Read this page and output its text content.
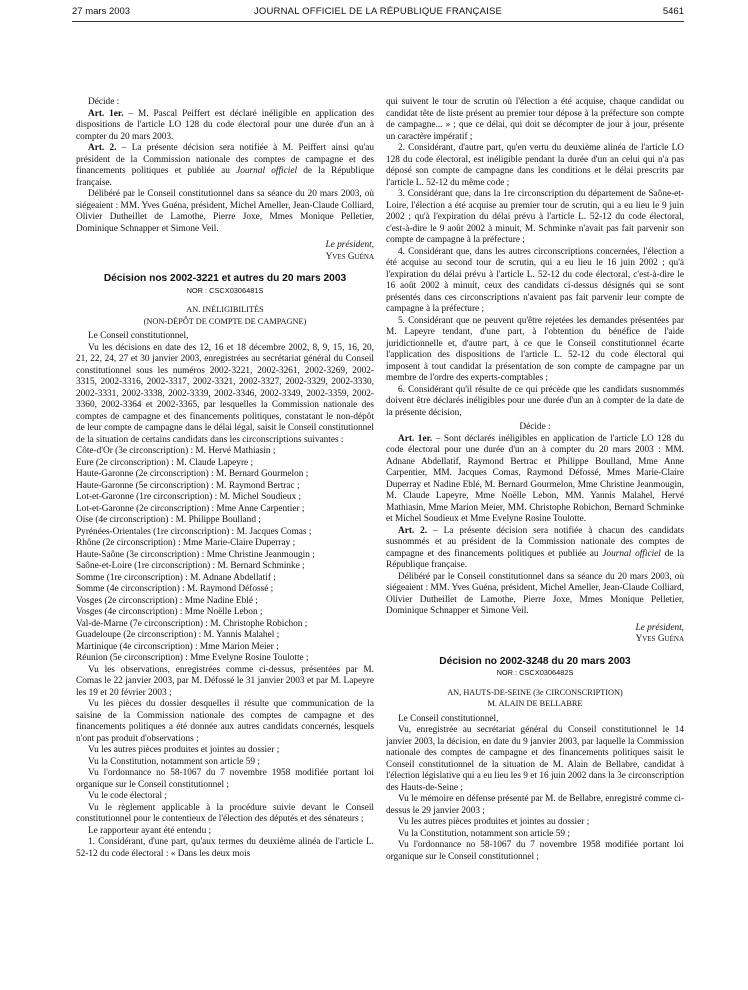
27 mars 2003	JOURNAL OFFICIEL DE LA RÉPUBLIQUE FRANÇAISE	5461

Décide :

Art. 1er. – M. Pascal Peiffert est déclaré inéligible en application des dispositions de l'article LO 128 du code électoral pour une durée d'un an à compter du 20 mars 2003.

Art. 2. – La présente décision sera notifiée à M. Peiffert ainsi qu'au président de la Commission nationale des comptes de campagne et des financements politiques et publiée au Journal officiel de la République française.

Délibéré par le Conseil constitutionnel dans sa séance du 20 mars 2003, où siégeaient : MM. Yves Guéna, président, Michel Ameller, Jean-Claude Colliard, Olivier Dutheillet de Lamothe, Pierre Joxe, Mmes Monique Pelletier, Dominique Schnapper et Simone Veil.

Le président,

Yves Guéna

Décision nos 2002-3221 et autres du 20 mars 2003

NOR : CSCX0306481S

AN. INÉLIGIBILITÉS

(NON-DÉPÔT DE COMPTE DE CAMPAGNE)

Le Conseil constitutionnel,

Vu les décisions en date des 12, 16 et 18 décembre 2002, 8, 9, 15, 16, 20, 21, 22, 24, 27 et 30 janvier 2003, enregistrées au secrétariat général du Conseil constitutionnel sous les numéros 2002-3221, 2002-3261, 2002-3269, 2002-3315, 2002-3316, 2002-3317, 2002-3321, 2002-3327, 2002-3329, 2002-3330, 2002-3331, 2002-3338, 2002-3339, 2002-3346, 2002-3349, 2002-3359, 2002-3360, 2002-3364 et 2002-3365, par lesquelles la Commission nationale des comptes de campagne et des financements politiques, constatant le non-dépôt de leur compte de campagne dans le délai légal, saisit le Conseil constitutionnel de la situation de certains candidats dans les circonscriptions suivantes :

Côte-d'Or (3e circonscription) : M. Hervé Mathiasin ;

Eure (2e circonscription) : M. Claude Lapeyre ;

Haute-Garonne (2e circonscription) : M. Bernard Gourmelon ;

Haute-Garonne (5e circonscription) : M. Raymond Bertrac ;

Lot-et-Garonne (1re circonscription) : M. Michel Soudieux ;

Lot-et-Garonne (2e circonscription) : Mme Anne Carpentier ;

Oise (4e circonscription) : M. Philippe Boulland ;

Pyrénées-Orientales (1re circonscription) : M. Jacques Comas ;

Rhône (2e circonscription) : Mme Marie-Claire Duperray ;

Haute-Saône (3e circonscription) : Mme Christine Jeanmougin ;

Saône-et-Loire (1re circonscription) : M. Bernard Schminke ;

Somme (1re circonscription) : M. Adnane Abdellatif ;

Somme (4e circonscription) : M. Raymond Défossé ;

Vosges (2e circonscription) : Mme Nadine Eblé ;

Vosges (4e circonscription) : Mme Noëlle Lebon ;

Val-de-Marne (7e circonscription) : M. Christophe Robichon ;

Guadeloupe (2e circonscription) : M. Yannis Malahel ;

Martinique (4e circonscription) : Mme Marion Meier ;

Réunion (5e circonscription) : Mme Evelyne Rosine Toulotte ;

Vu les observations, enregistrées comme ci-dessus, présentées par M. Comas le 22 janvier 2003, par M. Défossé le 31 janvier 2003 et par M. Lapeyre les 19 et 20 février 2003 ;

Vu les pièces du dossier desquelles il résulte que communication de la saisine de la Commission nationale des comptes de campagne et des financements politiques a été donnée aux autres candidats concernés, lesquels n'ont pas produit d'observations ;

Vu les autres pièces produites et jointes au dossier ;

Vu la Constitution, notamment son article 59 ;

Vu l'ordonnance no 58-1067 du 7 novembre 1958 modifiée portant loi organique sur le Conseil constitutionnel ;

Vu le code électoral ;

Vu le règlement applicable à la procédure suivie devant le Conseil constitutionnel pour le contentieux de l'élection des députés et des sénateurs ;

Le rapporteur ayant été entendu ;

1. Considérant, d'une part, qu'aux termes du deuxième alinéa de l'article L. 52-12 du code électoral : « Dans les deux mois

qui suivent le tour de scrutin où l'élection a été acquise, chaque candidat ou candidat tête de liste présent au premier tour dépose à la préfecture son compte de campagne... » ; que ce délai, qui doit se décompter de jour à jour, présente un caractère impératif ;

2. Considérant, d'autre part, qu'en vertu du deuxième alinéa de l'article LO 128 du code électoral, est inéligible pendant la durée d'un an celui qui n'a pas déposé son compte de campagne dans les conditions et le délai prescrits par l'article L. 52-12 du même code ;

3. Considérant que, dans la 1re circonscription du département de Saône-et-Loire, l'élection a été acquise au premier tour de scrutin, qui a eu lieu le 9 juin 2002 ; qu'à l'expiration du délai prévu à l'article L. 52-12 du code électoral, c'est-à-dire le 9 août 2002 à minuit, M. Schminke n'avait pas fait parvenir son compte de campagne à la préfecture ;

4. Considérant que, dans les autres circonscriptions concernées, l'élection a été acquise au second tour de scrutin, qui a eu lieu le 16 juin 2002 ; qu'à l'expiration du délai prévu à l'article L. 52-12 du code électoral, c'est-à-dire le 16 août 2002 à minuit, ceux des candidats ci-dessus désignés qui se sont présentés dans ces circonscriptions n'avaient pas fait parvenir leur compte de campagne à la préfecture ;

5. Considérant que ne peuvent qu'être rejetées les demandes présentées par M. Lapeyre tendant, d'une part, à l'obtention du bénéfice de l'aide juridictionnelle et, d'autre part, à ce que le Conseil constitutionnel écarte l'application des dispositions de l'article L. 52-12 du code électoral qui imposent à tout candidat la présentation de son compte de campagne par un membre de l'ordre des experts-comptables ;

6. Considérant qu'il résulte de ce qui précède que les candidats susnommés doivent être déclarés inéligibles pour une durée d'un an à compter de la date de la présente décision,

Décide :

Art. 1er. – Sont déclarés inéligibles en application de l'article LO 128 du code électoral pour une durée d'un an à compter du 20 mars 2003 : MM. Adnane Abdellatif, Raymond Bertrac et Philippe Boulland, Mme Anne Carpentier, MM. Jacques Comas, Raymond Défossé, Mmes Marie-Claire Duperray et Nadine Eblé, M. Bernard Gourmelon, Mme Christine Jeanmougin, M. Claude Lapeyre, Mme Noëlle Lebon, MM. Yannis Malahel, Hervé Mathiasin, Mme Marion Meier, MM. Christophe Robichon, Bernard Schminke et Michel Soudieux et Mme Evelyne Rosine Toulotte.

Art. 2. – La présente décision sera notifiée à chacun des candidats susnommés et au président de la Commission nationale des comptes de campagne et des financements politiques et publiée au Journal officiel de la République française.

Délibéré par le Conseil constitutionnel dans sa séance du 20 mars 2003, où siégeaient : MM. Yves Guéna, président, Michel Ameller, Jean-Claude Colliard, Olivier Dutheillet de Lamothe, Pierre Joxe, Mmes Monique Pelletier, Dominique Schnapper et Simone Veil.

Le président,

Yves Guéna

Décision no 2002-3248 du 20 mars 2003

NOR : CSCX0306482S

AN, HAUTS-DE-SEINE (3e CIRCONSCRIPTION)

M. ALAIN DE BELLABRE

Le Conseil constitutionnel,

Vu, enregistrée au secrétariat général du Conseil constitutionnel le 14 janvier 2003, la décision, en date du 9 janvier 2003, par laquelle la Commission nationale des comptes de campagne et des financements politiques saisit le Conseil constitutionnel de la situation de M. Alain de Bellabre, candidat à l'élection législative qui a eu lieu les 9 et 16 juin 2002 dans la 3e circonscription des Hauts-de-Seine ;

Vu le mémoire en défense présenté par M. de Bellabre, enregistré comme ci-dessus le 29 janvier 2003 ;

Vu les autres pièces produites et jointes au dossier ;

Vu la Constitution, notamment son article 59 ;

Vu l'ordonnance no 58-1067 du 7 novembre 1958 modifiée portant loi organique sur le Conseil constitutionnel ;
